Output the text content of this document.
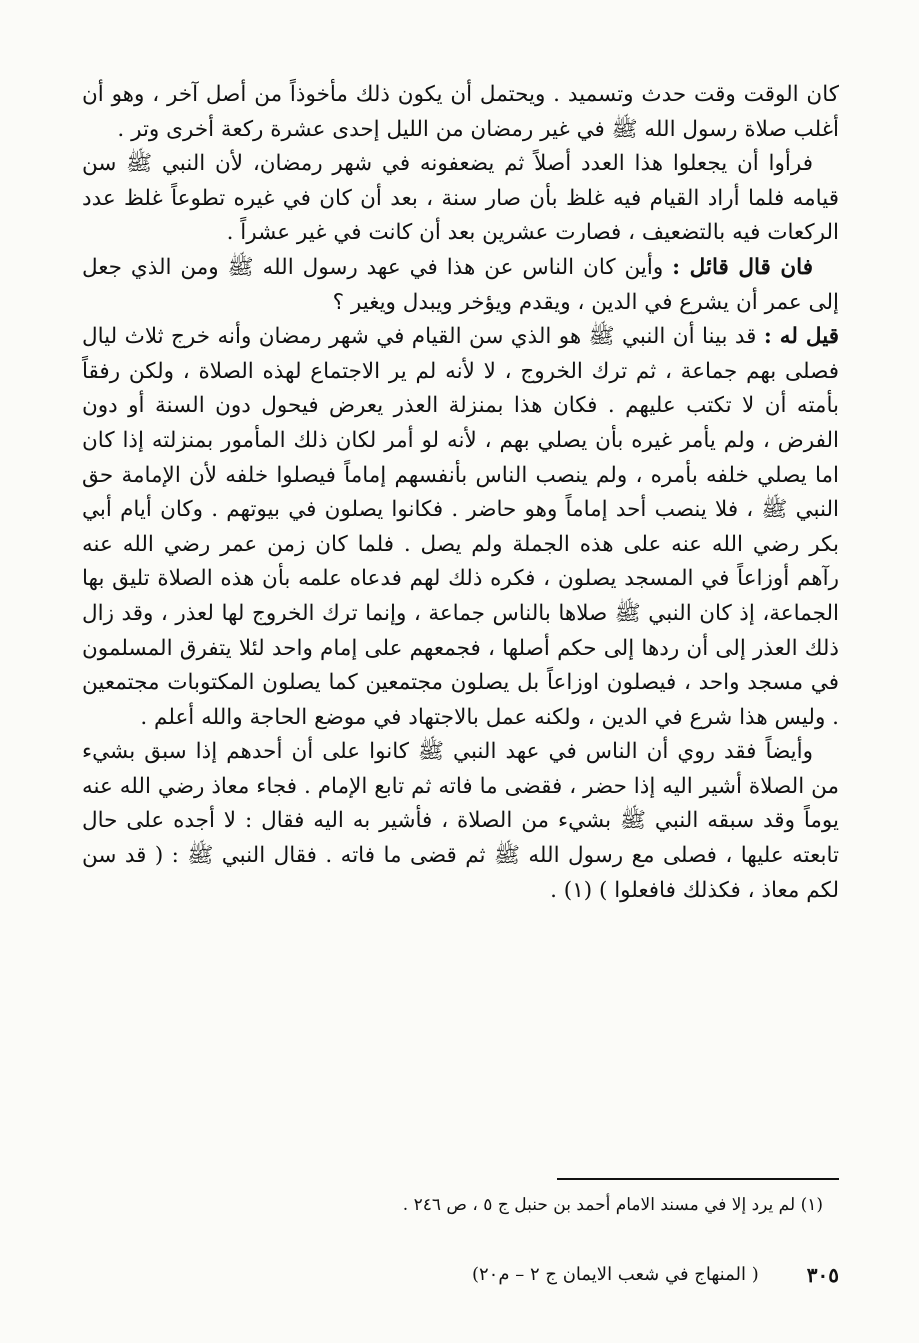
كان الوقت وقت حدث وتسميد . ويحتمل أن يكون ذلك مأخوذاً من أصل آخر ، وهو أن أغلب صلاة رسول الله ﷺ في غير رمضان من الليل إحدى عشرة ركعة أخرى وتر .

فرأوا أن يجعلوا هذا العدد أصلاً ثم يضعفونه في شهر رمضان، لأن النبي ﷺ سن قيامه فلما أراد القيام فيه غلظ بأن صار سنة ، بعد أن كان في غيره تطوعاً غلظ عدد الركعات فيه بالتضعيف ، فصارت عشرين بعد أن كانت في غير عشراً .

فان قال قائل : وأين كان الناس عن هذا في عهد رسول الله ﷺ ومن الذي جعل إلى عمر أن يشرع في الدين ، ويقدم ويؤخر ويبدل ويغير ؟

قيل له : قد بينا أن النبي ﷺ هو الذي سن القيام في شهر رمضان وأنه خرج ثلاث ليال فصلى بهم جماعة ، ثم ترك الخروج ، لا لأنه لم ير الاجتماع لهذه الصلاة ، ولكن رفقاً بأمته أن لا تكتب عليهم . فكان هذا بمنزلة العذر يعرض فيحول دون السنة أو دون الفرض ، ولم يأمر غيره بأن يصلي بهم ، لأنه لو أمر لكان ذلك المأمور بمنزلته إذا كان اما يصلي خلفه بأمره ، ولم ينصب الناس بأنفسهم إماماً فيصلوا خلفه لأن الإمامة حق النبي ﷺ ، فلا ينصب أحد إماماً وهو حاضر . فكانوا يصلون في بيوتهم . وكان أيام أبي بكر رضي الله عنه على هذه الجملة ولم يصل . فلما كان زمن عمر رضي الله عنه رآهم أوزاعاً في المسجد يصلون ، فكره ذلك لهم فدعاه علمه بأن هذه الصلاة تليق بها الجماعة، إذ كان النبي ﷺ صلاها بالناس جماعة ، وإنما ترك الخروج لها لعذر ، وقد زال ذلك العذر إلى أن ردها إلى حكم أصلها ، فجمعهم على إمام واحد لئلا يتفرق المسلمون في مسجد واحد ، فيصلون اوزاعاً بل يصلون مجتمعين كما يصلون المكتوبات مجتمعين . وليس هذا شرع في الدين ، ولكنه عمل بالاجتهاد في موضع الحاجة والله أعلم .

وأيضاً فقد روي أن الناس في عهد النبي ﷺ كانوا على أن أحدهم إذا سبق بشيء من الصلاة أشير اليه إذا حضر ، فقضى ما فاته ثم تابع الإمام . فجاء معاذ رضي الله عنه يوماً وقد سبقه النبي ﷺ بشيء من الصلاة ، فأشير به اليه فقال : لا أجده على حال تابعته عليها ، فصلى مع رسول الله ﷺ ثم قضى ما فاته . فقال النبي ﷺ : ( قد سن لكم معاذ ، فكذلك فافعلوا ) (١) .

(١) لم يرد إلا في مسند الامام أحمد بن حنبل ج ٥ ، ص ٢٤٦ .
٣٠٥
( المنهاج في شعب الايمان ج ٢ – م٢٠)
